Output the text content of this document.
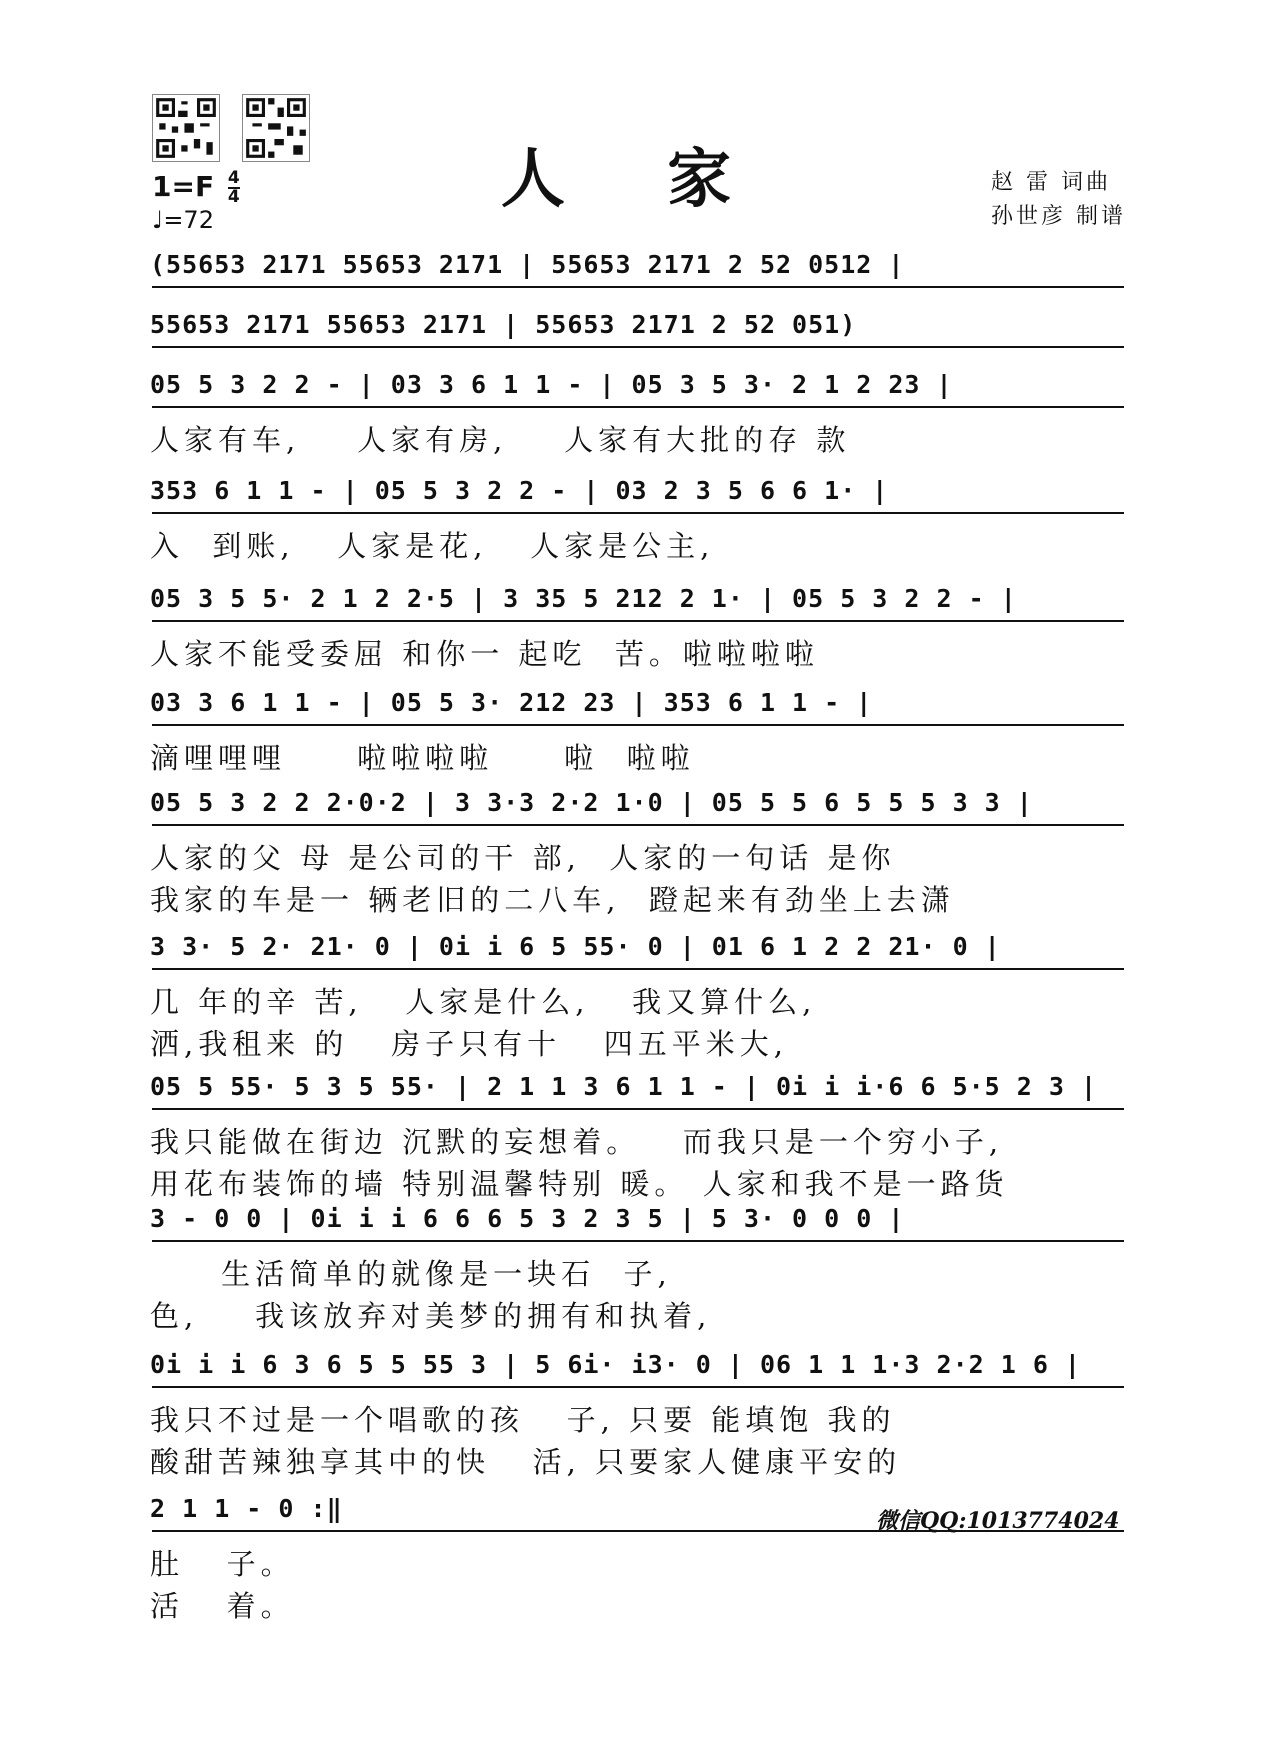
人 家
$1=F \frac{4}{4}$
♩=72
赵 雷 词曲
孙世彦 制谱
(55653 2171 55653 2171 | 55653 2171 2 52 0512 |
55653 2171 55653 2171 | 55653 2171 2 52 051)
05 5 3 2 2 - | 03 3 6 1 1 - | 05 3 5 3· 2 1 2 23 |
人家有车,    人家有房,    人家有大批的存 款
353 6 1 1 - | 05 5 3 2 2 - | 03 2 3 5 6 6 1· |
入  到账,   人家是花,   人家是公主,
05 3 5 5· 2 1 2 2·5 | 3 35 5 212 2 1· | 05 5 3 2 2 - |
人家不能受委屈 和你一 起吃  苦。啦啦啦啦
03 3 6 1 1 - | 05 5 3· 212 23 | 353 6 1 1 - |
滴哩哩哩     啦啦啦啦     啦  啦啦
05 5 3 2 2 2·0·2 | 3 3·3 2·2 1·0 | 05 5 5 6 5 5 5 3 3 |
人家的父 母 是公司的干 部,  人家的一句话 是你
我家的车是一 辆老旧的二八车,  蹬起来有劲坐上去潇
3 3· 5 2· 21· 0 | 0i i 6 5 55· 0 | 01 6 1 2 2 21· 0 |
几 年的辛 苦,   人家是什么,   我又算什么,
洒,我租来 的   房子只有十   四五平米大,
05 5 55· 5 3 5 55· | 2 1 1 3 6 1 1 - | 0i i i·6 6 5·5 2 3 |
我只能做在街边 沉默的妄想着。   而我只是一个穷小子,
用花布装饰的墙 特别温馨特别 暖。 人家和我不是一路货
3 - 0 0 | 0i i i 6 6 6 5 3 2 3 5 | 5 3· 0 0 0 |
生活简单的就像是一块石  子,
色,    我该放弃对美梦的拥有和执着,
0i i i 6 3 6 5 5 55 3 | 5 6i· i3· 0 | 06 1 1 1·3 2·2 1 6 |
我只不过是一个唱歌的孩   子, 只要 能填饱 我的
酸甜苦辣独享其中的快   活, 只要家人健康平安的
2 1 1 - 0 :‖
肚   子。
活   着。
微信QQ:1013774024
